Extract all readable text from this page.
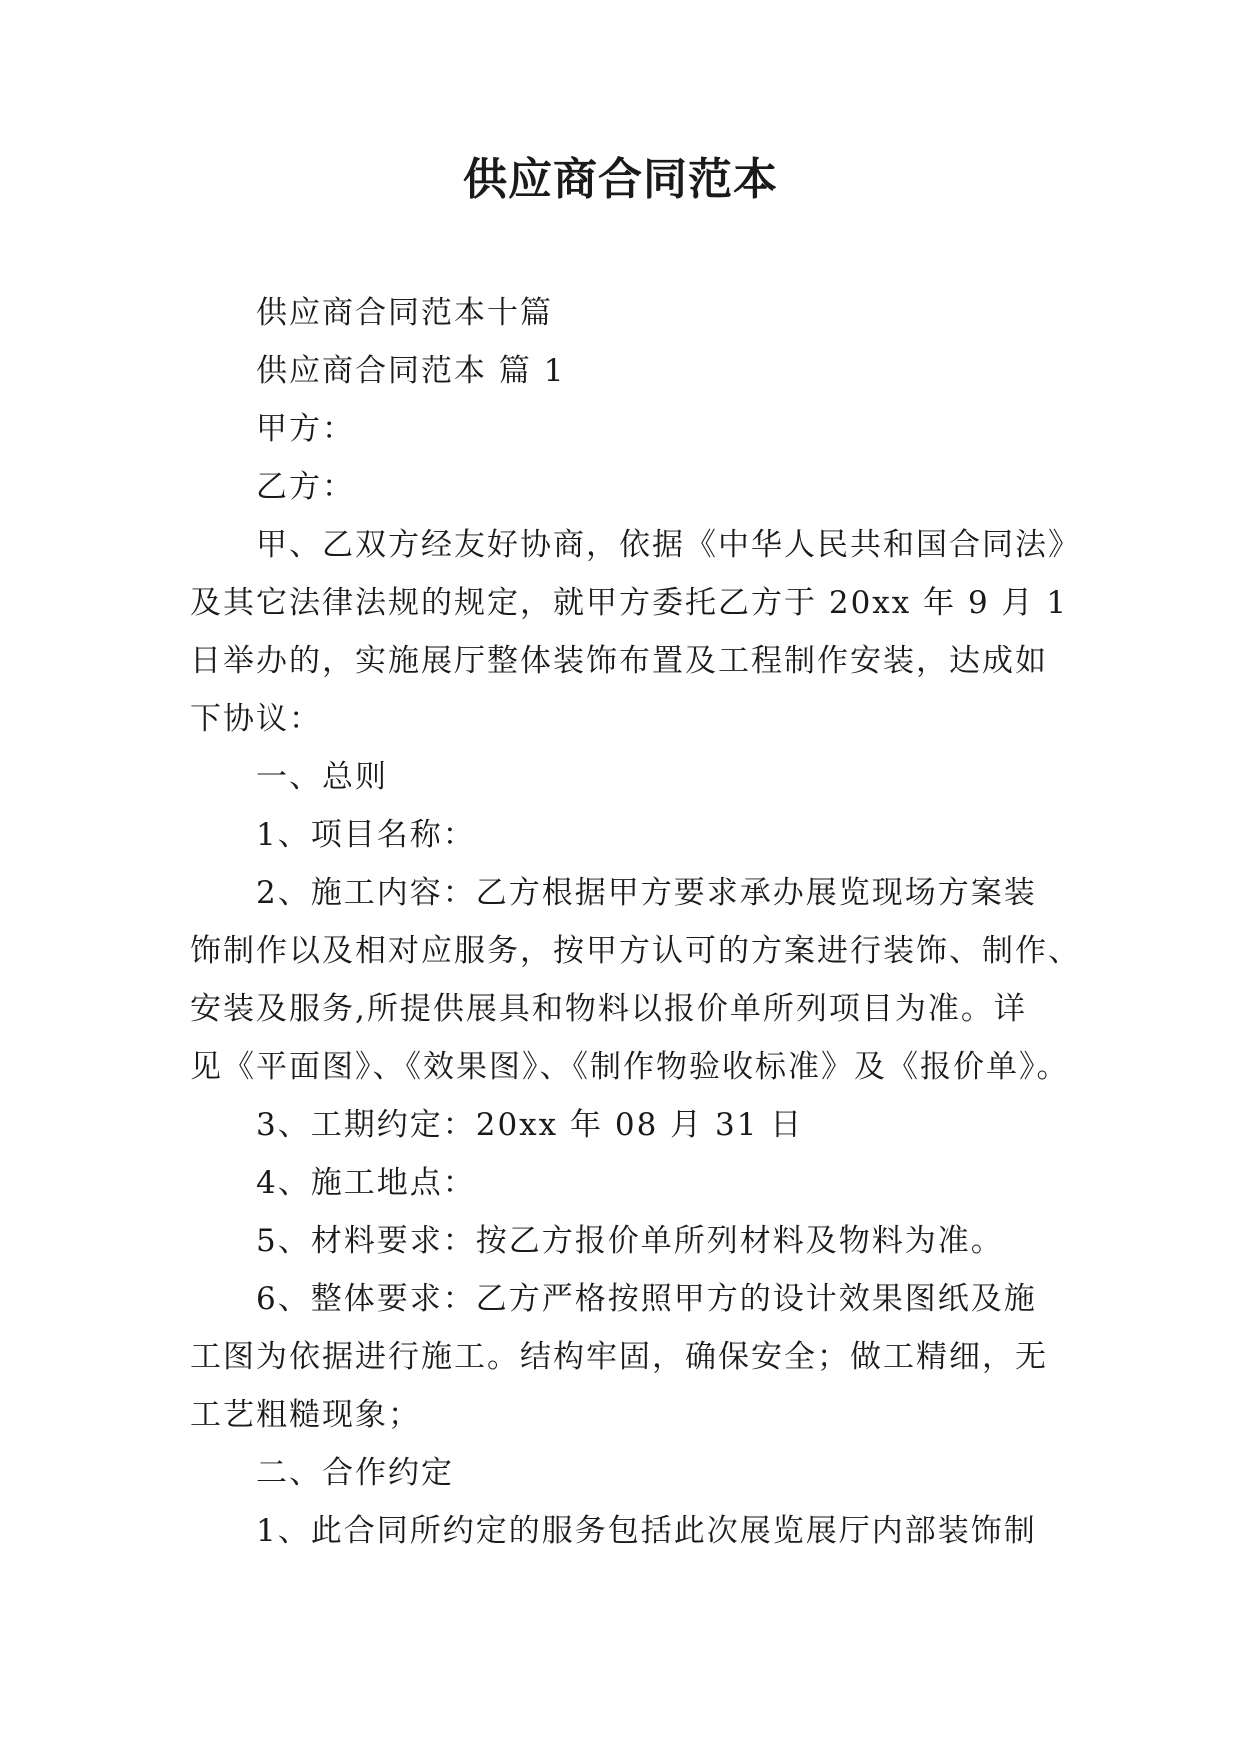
供应商合同范本

供应商合同范本十篇

供应商合同范本 篇 1

甲方：

乙方：

甲、乙双方经友好协商，依据《中华人民共和国合同法》

及其它法律法规的规定，就甲方委托乙方于 20xx 年 9 月 1

日举办的，实施展厅整体装饰布置及工程制作安装，达成如

下协议：

一、总则

1、项目名称：

2、施工内容：乙方根据甲方要求承办展览现场方案装

饰制作以及相对应服务，按甲方认可的方案进行装饰、制作、

安装及服务,所提供展具和物料以报价单所列项目为准。详

见《平面图》、《效果图》、《制作物验收标准》及《报价单》。

3、工期约定：20xx 年 08 月 31 日

4、施工地点：

5、材料要求：按乙方报价单所列材料及物料为准。

6、整体要求：乙方严格按照甲方的设计效果图纸及施

工图为依据进行施工。结构牢固，确保安全；做工精细，无

工艺粗糙现象；

二、合作约定

1、此合同所约定的服务包括此次展览展厅内部装饰制
